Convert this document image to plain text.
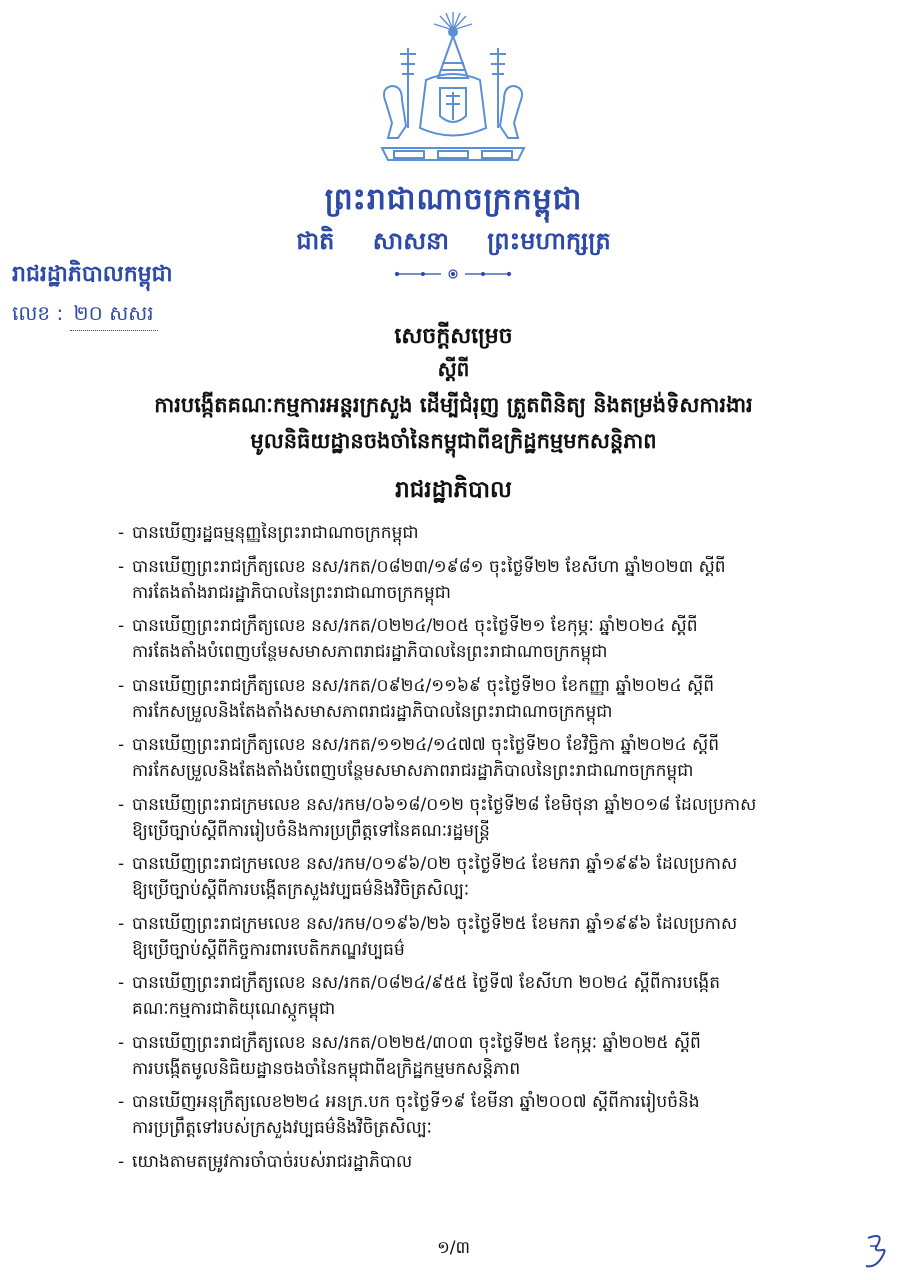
ព្រះរាជាណាចក្រកម្ពុជា
ជាតិ សាសនា ព្រះមហាក្សត្រ
រាជរដ្ឋាភិបាលកម្ពុជា
លេខ : ២០ សសរ
សេចក្តីសម្រេច
ស្តីពី
ការបង្កើតគណៈកម្មការអន្តរក្រសួង ដើម្បីជំរុញ ត្រួតពិនិត្យ និងតម្រង់ទិសការងារ
មូលនិធិយដ្ឋានចងចាំនៃកម្ពុជាពីឧក្រិដ្ឋកម្មមកសន្តិភាព
រាជរដ្ឋាភិបាល
- បានឃើញរដ្ឋធម្មនុញ្ញនៃព្រះរាជាណាចក្រកម្ពុជា
- បានឃើញព្រះរាជក្រឹត្យលេខ នស/រកត/០៨២៣/១៩៨១ ចុះថ្ងៃទី២២ ខែសីហា ឆ្នាំ២០២៣ ស្តីពី
ការតែងតាំងរាជរដ្ឋាភិបាលនៃព្រះរាជាណាចក្រកម្ពុជា
- បានឃើញព្រះរាជក្រឹត្យលេខ នស/រកត/០២២៤/២០៥ ចុះថ្ងៃទី២១ ខែកុម្ភៈ ឆ្នាំ២០២៤ ស្តីពី
ការតែងតាំងបំពេញបន្ថែមសមាសភាពរាជរដ្ឋាភិបាលនៃព្រះរាជាណាចក្រកម្ពុជា
- បានឃើញព្រះរាជក្រឹត្យលេខ នស/រកត/០៩២៤/១១៦៩ ចុះថ្ងៃទី២០ ខែកញ្ញា ឆ្នាំ២០២៤ ស្តីពី
ការកែសម្រួលនិងតែងតាំងសមាសភាពរាជរដ្ឋាភិបាលនៃព្រះរាជាណាចក្រកម្ពុជា
- បានឃើញព្រះរាជក្រឹត្យលេខ នស/រកត/១១២៤/១៤៧៧ ចុះថ្ងៃទី២០ ខែវិច្ឆិកា ឆ្នាំ២០២៤ ស្តីពី
ការកែសម្រួលនិងតែងតាំងបំពេញបន្ថែមសមាសភាពរាជរដ្ឋាភិបាលនៃព្រះរាជាណាចក្រកម្ពុជា
- បានឃើញព្រះរាជក្រមលេខ នស/រកម/០៦១៨/០១២ ចុះថ្ងៃទី២៨ ខែមិថុនា ឆ្នាំ២០១៨ ដែលប្រកាស
ឱ្យប្រើច្បាប់ស្តីពីការរៀបចំនិងការប្រព្រឹត្តទៅនៃគណៈរដ្ឋមន្ត្រី
- បានឃើញព្រះរាជក្រមលេខ នស/រកម/០១៩៦/០២ ចុះថ្ងៃទី២៤ ខែមករា ឆ្នាំ១៩៩៦ ដែលប្រកាស
ឱ្យប្រើច្បាប់ស្តីពីការបង្កើតក្រសួងវប្បធម៌និងវិចិត្រសិល្បៈ
- បានឃើញព្រះរាជក្រមលេខ នស/រកម/០១៩៦/២៦ ចុះថ្ងៃទី២៥ ខែមករា ឆ្នាំ១៩៩៦ ដែលប្រកាស
ឱ្យប្រើច្បាប់ស្តីពីកិច្ចការពារបេតិកភណ្ឌវប្បធម៌
- បានឃើញព្រះរាជក្រឹត្យលេខ នស/រកត/០៨២៤/៩៥៥ ថ្ងៃទី៧ ខែសីហា ២០២៤ ស្តីពីការបង្កើត
គណៈកម្មការជាតិយុណេស្កូកម្ពុជា
- បានឃើញព្រះរាជក្រឹត្យលេខ នស/រកត/០២២៥/៣០៣ ចុះថ្ងៃទី២៥ ខែកុម្ភៈ ឆ្នាំ២០២៥ ស្តីពី
ការបង្កើតមូលនិធិយដ្ឋានចងចាំនៃកម្ពុជាពីឧក្រិដ្ឋកម្មមកសន្តិភាព
- បានឃើញអនុក្រឹត្យលេខ២២៤ អនក្រ.បក ចុះថ្ងៃទី១៩ ខែមីនា ឆ្នាំ២០០៧ ស្តីពីការរៀបចំនិង
ការប្រព្រឹត្តទៅរបស់ក្រសួងវប្បធម៌និងវិចិត្រសិល្បៈ
- យោងតាមតម្រូវការចាំបាច់របស់រាជរដ្ឋាភិបាល
១/៣
